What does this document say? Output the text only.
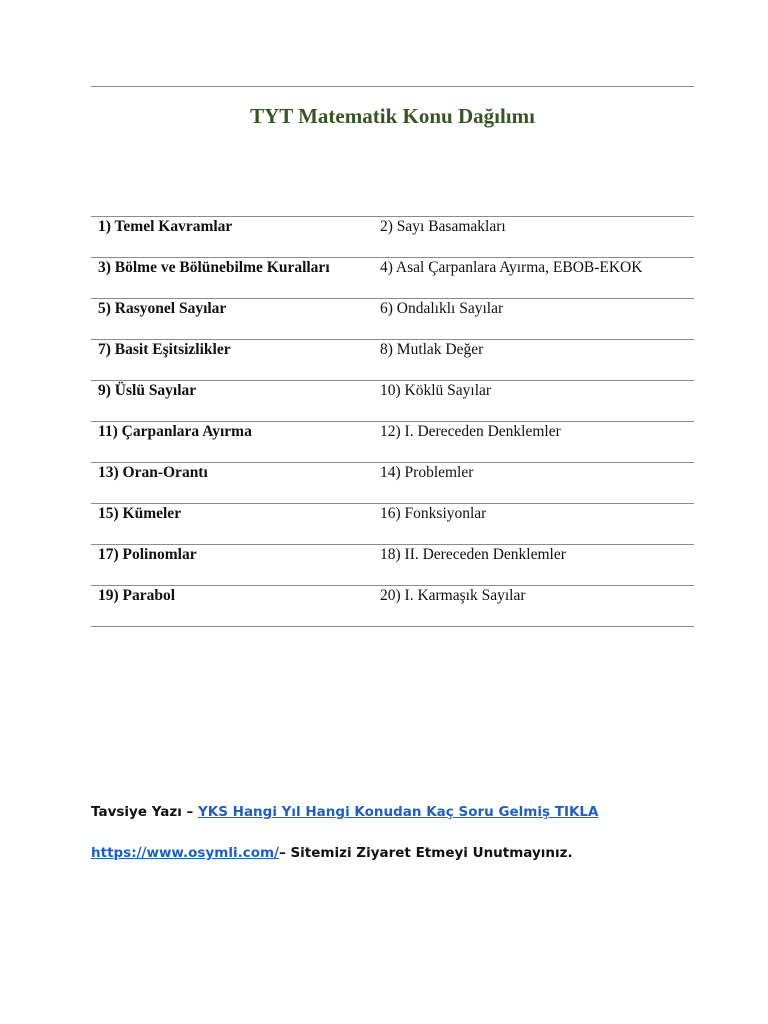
TYT Matematik Konu Dağılımı
1) Temel Kavramlar	2) Sayı Basamakları
3) Bölme ve Bölünebilme Kuralları	4) Asal Çarpanlara Ayırma, EBOB-EKOK
5) Rasyonel Sayılar	6) Ondalıklı Sayılar
7) Basit Eşitsizlikler	8) Mutlak Değer
9) Üslü Sayılar	10) Köklü Sayılar
11) Çarpanlara Ayırma	12) I. Dereceden Denklemler
13) Oran-Orantı	14) Problemler
15) Kümeler	16) Fonksiyonlar
17) Polinomlar	18) II. Dereceden Denklemler
19) Parabol	20) I. Karmaşık Sayılar

Tavsiye Yazı – YKS Hangi Yıl Hangi Konudan Kaç Soru Gelmiş TIKLA

https://www.osymli.com/– Sitemizi Ziyaret Etmeyi Unutmayınız.
